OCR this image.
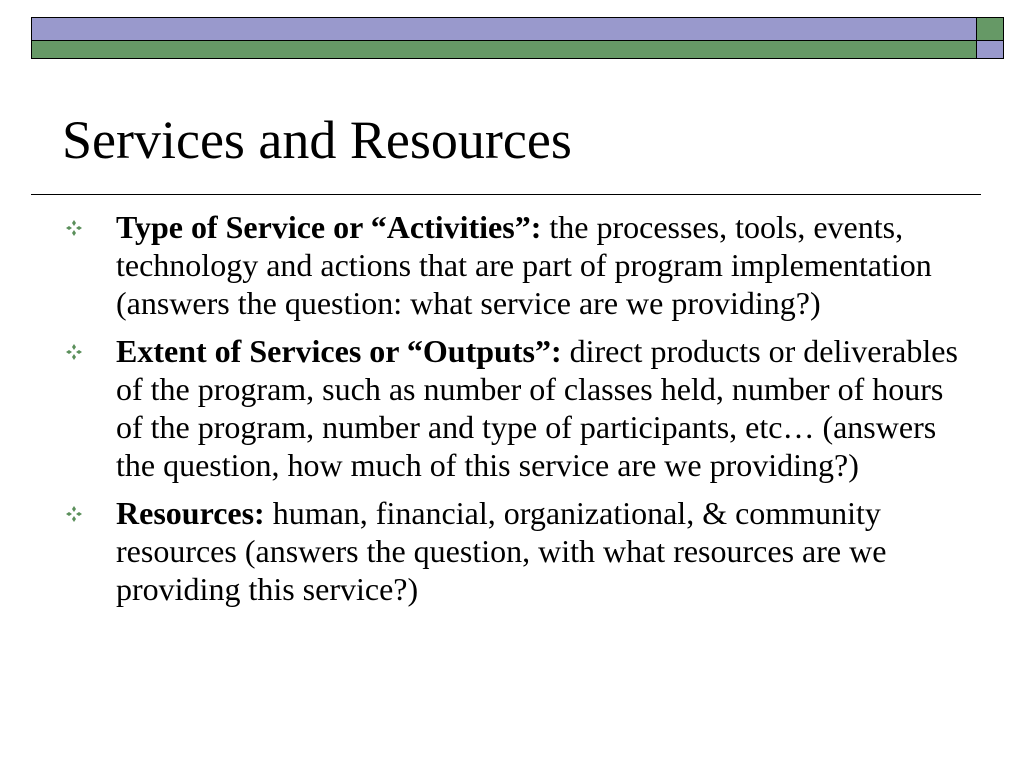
Services and Resources
Type of Service or “Activities”: the processes, tools, events, technology and actions that are part of program implementation (answers the question: what service are we providing?)
Extent of Services or “Outputs”: direct products or deliverables of the program, such as number of classes held, number of hours of the program, number and type of participants, etc… (answers the question, how much of this service are we providing?)
Resources: human, financial, organizational, & community resources (answers the question, with what resources are we providing this service?)
